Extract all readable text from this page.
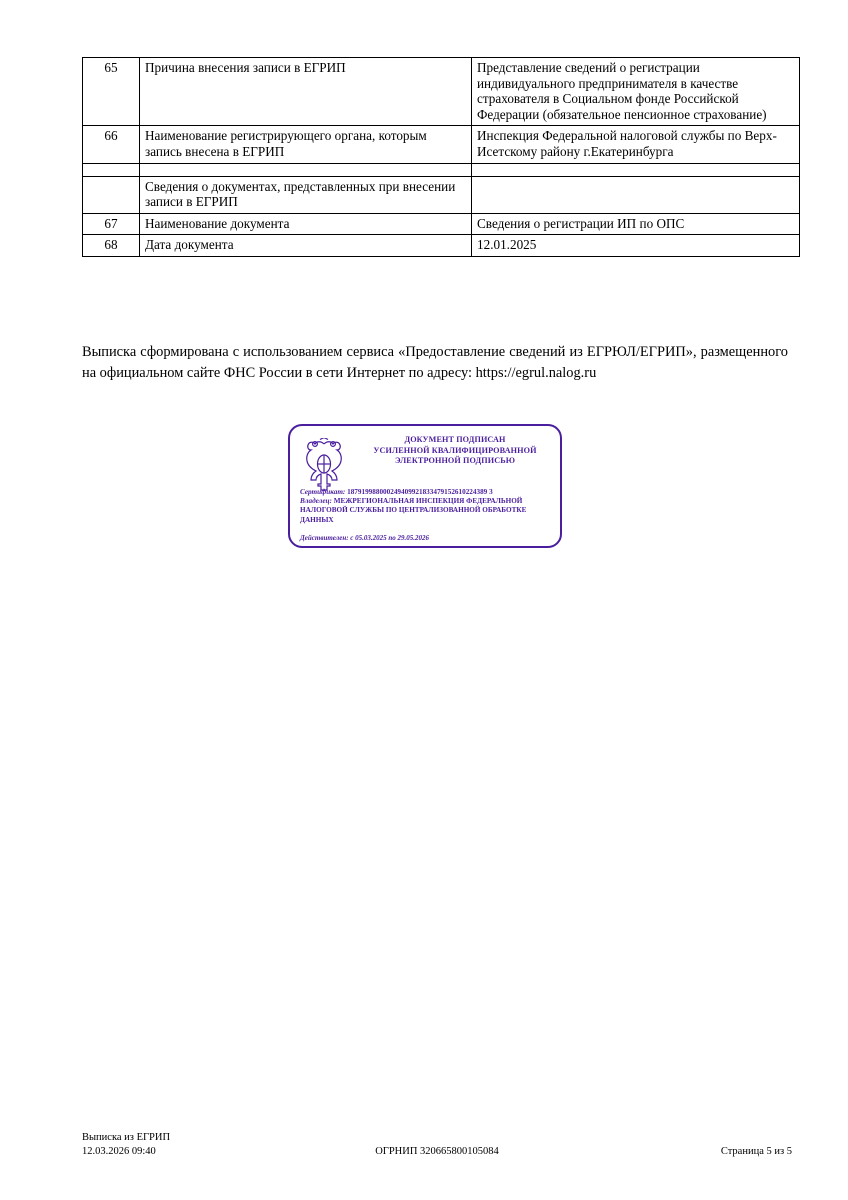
65	Причина внесения записи в ЕГРИП	Представление сведений о регистрации индивидуального предпринимателя в качестве страхователя в Социальном фонде Российской Федерации (обязательное пенсионное страхование)
66	Наименование регистрирующего органа, которым запись внесена в ЕГРИП	Инспекция Федеральной налоговой службы по Верх-Исетскому району г.Екатеринбурга

	Сведения о документах, представленных при внесении записи в ЕГРИП	
67	Наименование документа	Сведения о регистрации ИП по ОПС
68	Дата документа	12.01.2025
Выписка сформирована с использованием сервиса «Предоставление сведений из ЕГРЮЛ/ЕГРИП», размещенного на официальном сайте ФНС России в сети Интернет по адресу: https://egrul.nalog.ru
ДОКУМЕНТ ПОДПИСАН
УСИЛЕННОЙ КВАЛИФИЦИРОВАННОЙ
ЭЛЕКТРОННОЙ ПОДПИСЬЮ
Сертификат: 187919988000249409921833479152610224389 3
Владелец: МЕЖРЕГИОНАЛЬНАЯ ИНСПЕКЦИЯ ФЕДЕРАЛЬНОЙ НАЛОГОВОЙ СЛУЖБЫ ПО ЦЕНТРАЛИЗОВАННОЙ ОБРАБОТКЕ ДАННЫХ
Действителен: с 05.03.2025 по 29.05.2026
Выписка из ЕГРИП
12.03.2026 09:40	ОГРНИП 320665800105084	Страница 5 из 5
